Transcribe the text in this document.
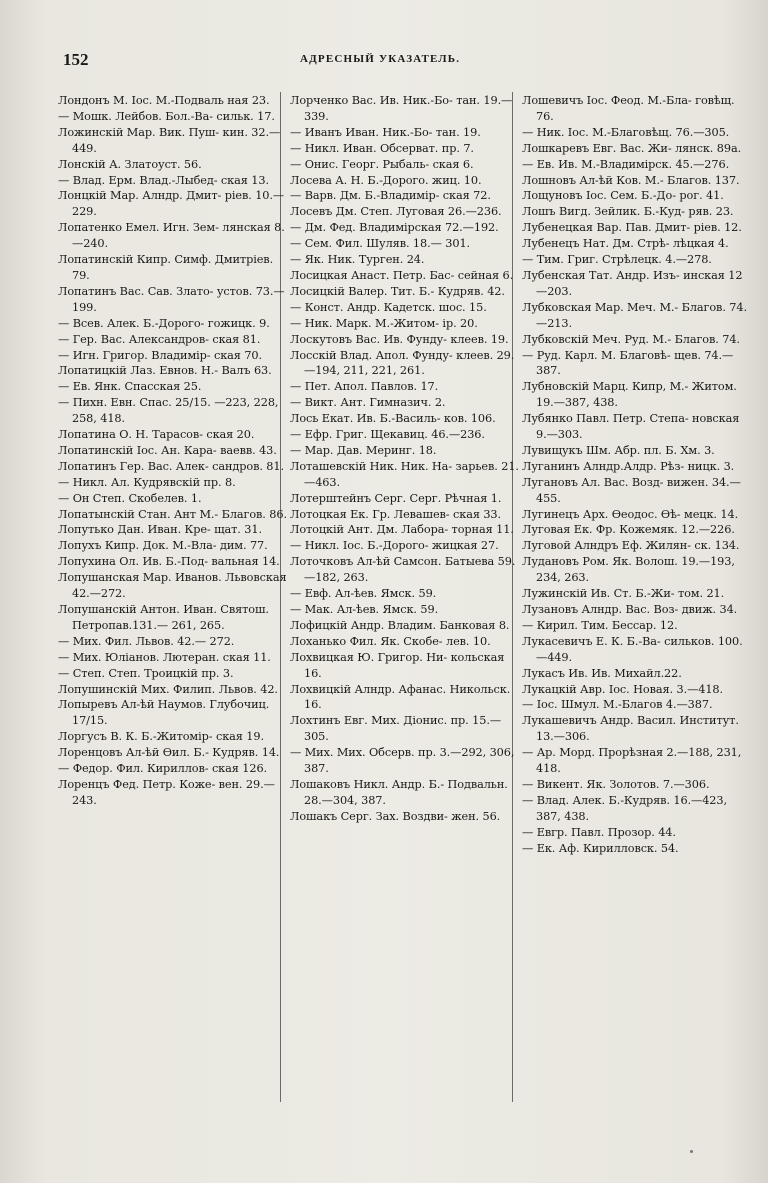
152	АДРЕСНЫЙ УКАЗАТЕЛЬ.
Лондонъ М. Іос. М.-Подваль ная 23.
— Мошк. Лейбов. Бол.-Ва- сильк. 17.
Ложинскій Мар. Вик. Пуш- кин. 32.—449.
Лонскій А. Златоуст. 56.
— Влад. Ерм. Влад.-Лыбед- ская 13.
Лонцкій Мар. Алндр. Дмит- ріев. 10.—229.
Лопатенко Емел. Игн. Зем- лянская 8.—240.
Лопатинскій Кипр. Симф. Дмитріев. 79.
Лопатинъ Вас. Сав. Злато- устов. 73.—199.
— Всев. Алек. Б.-Дорого- гожицк. 9.
— Гер. Вас. Александров- ская 81.
— Игн. Григор. Владимір- ская 70.
Лопатицкій Лаз. Евнов. Н.- Валъ 63.
— Ев. Янк. Спасская 25.
— Пихн. Евн. Спас. 25/15. —223, 228, 258, 418.
Лопатина О. Н. Тарасов- ская 20.
Лопатинскій Іос. Ан. Кара- ваевв. 43.
Лопатинъ Гер. Вас. Алек- сандров. 81.
— Никл. Ал. Кудрявскій пр. 8.
— Он Степ. Скобелев. 1.
Лопатынскій Стан. Ант М.- Благов. 86.
Лопутько Дан. Иван. Кре- щат. 31.
Лопухъ Кипр. Док. М.-Вла- дим. 77.
Лопухина Ол. Ив. Б.-Под- вальная 14.
Лопушанская Мар. Иванов. Львовская 42.—272.
Лопушанскій Антон. Иван. Святош. Петропав.131.— 261, 265.
— Мих. Фил. Львов. 42.— 272.
— Мих. Юліанов. Лютеран. ская 11.
— Степ. Степ. Троицкій пр. 3.
Лопушинскій Мих. Филип. Львов. 42.
Лопыревъ Ал-ѣй Наумов. Глубочиц. 17/15.
Лоргусъ В. К. Б.-Житомір- ская 19.
Лоренцовъ Ал-ѣй Ѳил. Б.- Кудряв. 14.
— Федор. Фил. Кириллов- ская 126.
Лоренцъ Фед. Петр. Коже- вен. 29.—243.
Лорченко Вас. Ив. Ник.-Бо- тан. 19.—339.
— Иванъ Иван. Ник.-Бо- тан. 19.
— Никл. Иван. Обсерват. пр. 7.
— Онис. Георг. Рыбаль- ская 6.
Лосева А. Н. Б.-Дорого. жиц. 10.
— Варв. Дм. Б.-Владимір- ская 72.
Лосевъ Дм. Степ. Луговая 26.—236.
— Дм. Фед. Владимірская 72.—192.
— Сем. Фил. Шуляв. 18.— 301.
— Як. Ник. Турген. 24.
Лосицкая Анаст. Петр. Бас- сейная 6.
Лосицкій Валер. Тит. Б.- Кудряв. 42.
— Конст. Андр. Кадетск. шос. 15.
— Ник. Марк. М.-Житом- ір. 20.
Лоскутовъ Вас. Ив. Фунду- клеев. 19.
Лосскій Влад. Апол. Фунду- клеев. 29.—194, 211, 221, 261.
— Пет. Апол. Павлов. 17.
— Викт. Ант. Гимназич. 2.
Лось Екат. Ив. Б.-Василь- ков. 106.
— Ефр. Григ. Щекавиц. 46.—236.
— Мар. Дав. Меринг. 18.
Лоташевскій Ник. Ник. На- зарьев. 21.—463.
Лотерштейнъ Серг. Серг. Рѣчная 1.
Лотоцкая Ек. Гр. Левашев- ская 33.
Лотоцкій Ант. Дм. Лабора- торная 11.
— Никл. Іос. Б.-Дорого- жицкая 27.
Лоточковъ Ал-ѣй Самсон. Батыева 59.—182, 263.
— Евф. Ал-ѣев. Ямск. 59.
— Мак. Ал-ѣев. Ямск. 59.
Лофицкій Андр. Владим. Банковая 8.
Лоханько Фил. Як. Скобе- лев. 10.
Лохвицкая Ю. Григор. Ни- кольская 16.
Лохвицкій Алндр. Афанас. Никольск. 16.
Лохтинъ Евг. Мих. Діонис. пр. 15.—305.
— Мих. Мих. Обсерв. пр. 3.—292, 306, 387.
Лошаковъ Никл. Андр. Б.- Подвальн. 28.—304, 387.
Лошакъ Серг. Зах. Воздви- жен. 56.
Лошевичъ Іос. Феод. М.-Бла- говѣщ. 76.
— Ник. Іос. М.-Благовѣщ. 76.—305.
Лошкаревъ Евг. Вас. Жи- лянск. 89а.
— Ев. Ив. М.-Владимірск. 45.—276.
Лошновъ Ал-ѣй Ков. М.- Благов. 137.
Лощуновъ Іос. Сем. Б.-До- рог. 41.
Лошъ Вигд. Зейлик. Б.-Куд- ряв. 23.
Лубенецкая Вар. Пав. Дмит- ріев. 12.
Лубенецъ Нат. Дм. Стрѣ- лѣцкая 4.
— Тим. Григ. Стрѣлецк. 4.—278.
Лубенская Тат. Андр. Изъ- инская 12—203.
Лубковская Мар. Меч. М.- Благов. 74.—213.
Лубковскій Меч. Руд. М.- Благов. 74.
— Руд. Карл. М. Благовѣ- щев. 74.—387.
Лубновскій Марц. Кипр, М.- Житом. 19.—387, 438.
Лубянко Павл. Петр. Степа- новская 9.—303.
Лувищукъ Шм. Абр. пл. Б. Хм. 3.
Луганинъ Алндр.Алдр. Рѣз- ницк. 3.
Лугановъ Ал. Вас. Возд- вижен. 34.—455.
Лугинецъ Арх. Ѳеодос. Ѳѣ- мецк. 14.
Луговая Ек. Фр. Кожемяк. 12.—226.
Луговой Алндръ Еф. Жилян- ск. 134.
Лудановъ Ром. Як. Волош. 19.—193, 234, 263.
Лужинскій Ив. Ст. Б.-Жи- том. 21.
Лузановъ Алндр. Вас. Воз- движ. 34.
— Кирил. Тим. Бессар. 12.
Лукасевичъ Е. К. Б.-Ва- сильков. 100.—449.
Лукасъ Ив. Ив. Михайл.22.
Лукацкій Авр. Іос. Новая. 3.—418.
— Іос. Шмул. М.-Благов 4.—387.
Лукашевичъ Андр. Васил. Институт. 13.—306.
— Ар. Морд. Прорѣзная 2.—188, 231, 418.
— Викент. Як. Золотов. 7.—306.
— Влад. Алек. Б.-Кудряв. 16.—423, 387, 438.
— Евгр. Павл. Прозор. 44.
— Ек. Аф. Кирилловск. 54.
